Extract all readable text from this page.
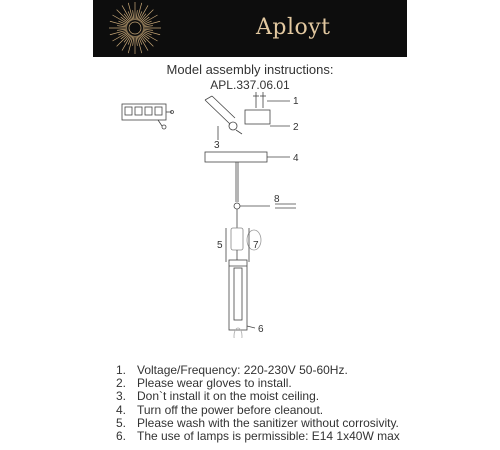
Aployt
Model assembly instructions:
APL.337.06.01
1
2
3
4
5
6
7
8
1. Voltage/Frequency: 220-230V 50-60Hz.
2. Please wear gloves to install.
3. Don`t install it on the moist ceiling.
4. Turn off the power before cleanout.
5. Please wash with the sanitizer without corrosivity.
6. The use of lamps is permissible: E14 1x40W max
